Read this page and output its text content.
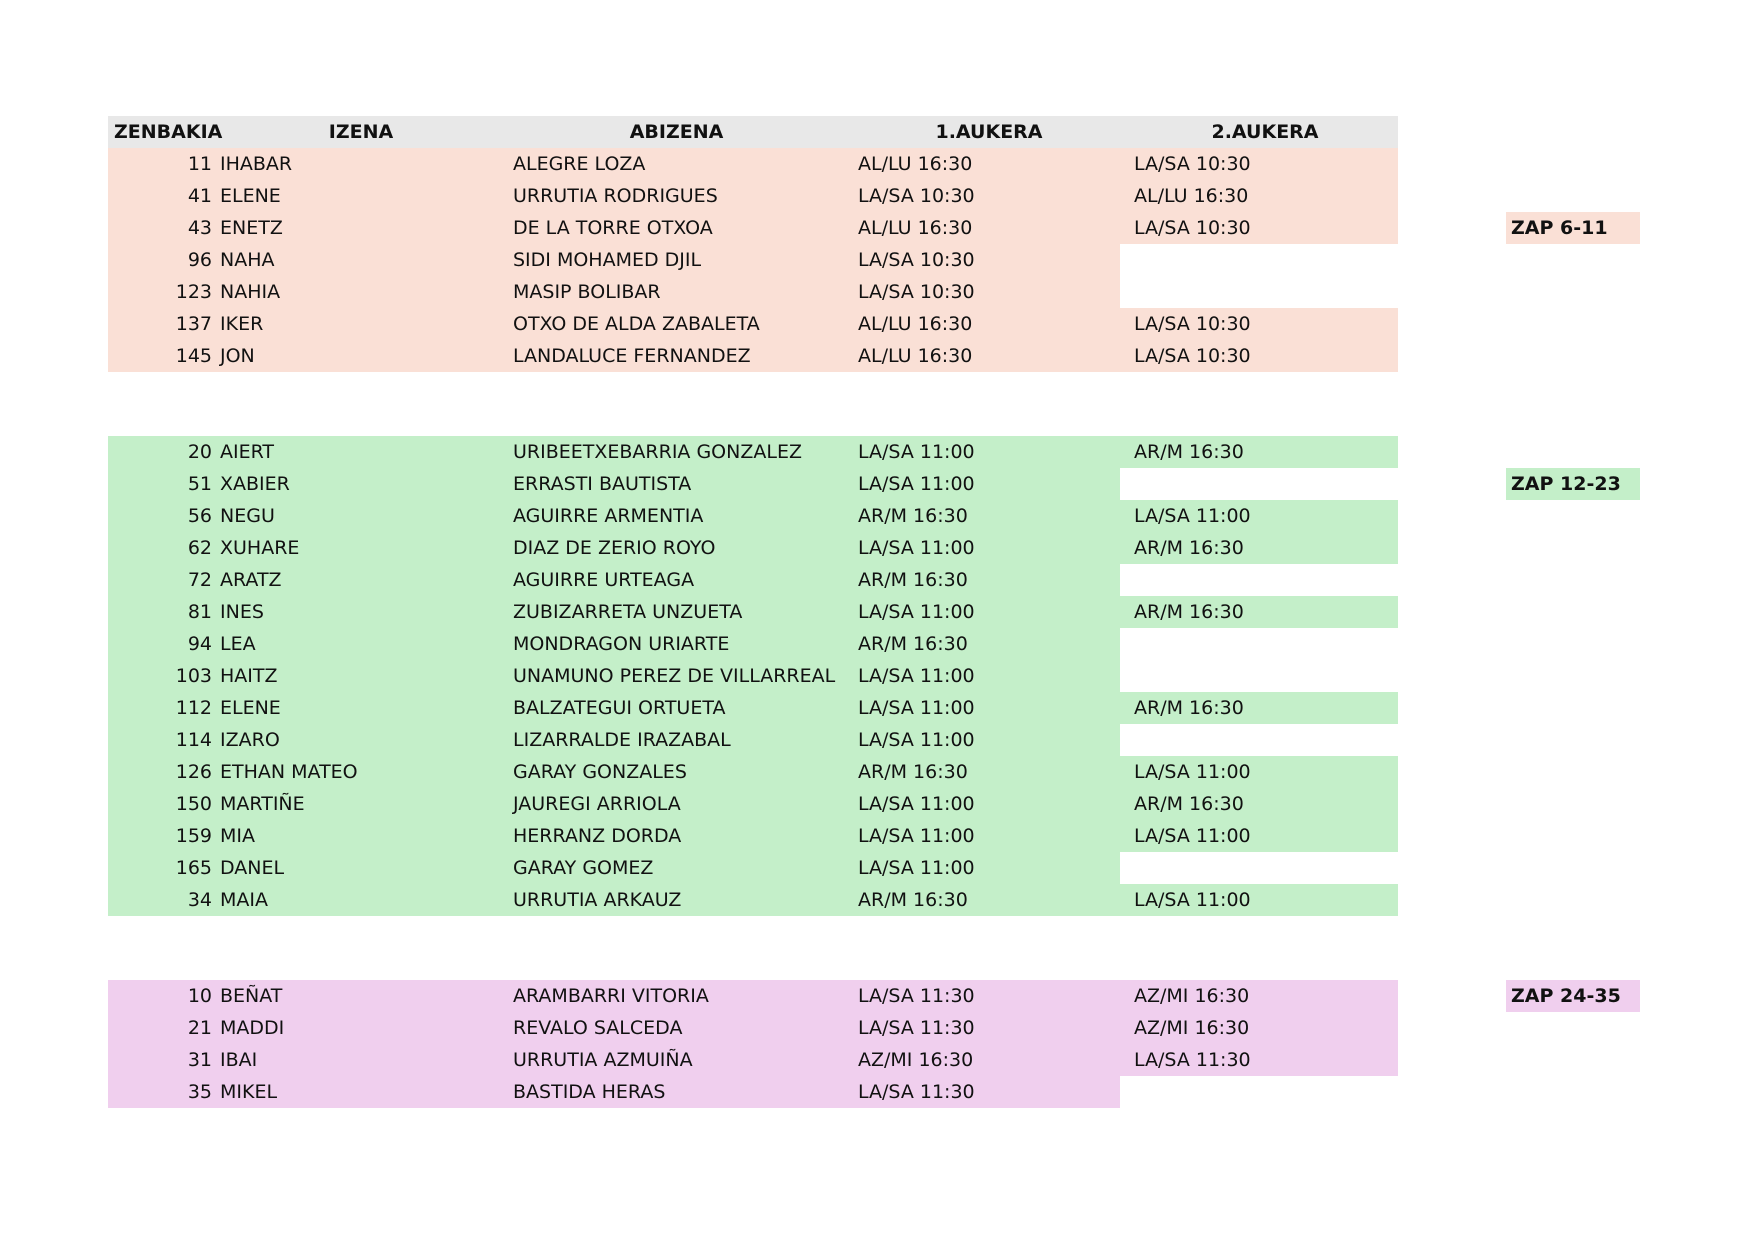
ZENBAKIA	IZENA	ABIZENA	1.AUKERA	2.AUKERA
11 IHABAR	ALEGRE LOZA	AL/LU 16:30	LA/SA 10:30
41 ELENE	URRUTIA RODRIGUES	LA/SA 10:30	AL/LU 16:30
43 ENETZ	DE LA TORRE OTXOA	AL/LU 16:30	LA/SA 10:30
96 NAHA	SIDI MOHAMED DJIL	LA/SA 10:30
123 NAHIA	MASIP BOLIBAR	LA/SA 10:30
137 IKER	OTXO DE ALDA ZABALETA	AL/LU 16:30	LA/SA 10:30
145 JON	LANDALUCE FERNANDEZ	AL/LU 16:30	LA/SA 10:30
ZAP 6-11
20 AIERT	URIBEETXEBARRIA GONZALEZ	LA/SA 11:00	AR/M 16:30
51 XABIER	ERRASTI BAUTISTA	LA/SA 11:00
56 NEGU	AGUIRRE ARMENTIA	AR/M 16:30	LA/SA 11:00
62 XUHARE	DIAZ DE ZERIO ROYO	LA/SA 11:00	AR/M 16:30
72 ARATZ	AGUIRRE URTEAGA	AR/M 16:30
81 INES	ZUBIZARRETA UNZUETA	LA/SA 11:00	AR/M 16:30
94 LEA	MONDRAGON URIARTE	AR/M 16:30
103 HAITZ	UNAMUNO PEREZ DE VILLARREAL	LA/SA 11:00
112 ELENE	BALZATEGUI ORTUETA	LA/SA 11:00	AR/M 16:30
114 IZARO	LIZARRALDE IRAZABAL	LA/SA 11:00
126 ETHAN MATEO	GARAY GONZALES	AR/M 16:30	LA/SA 11:00
150 MARTIÑE	JAUREGI ARRIOLA	LA/SA 11:00	AR/M 16:30
159 MIA	HERRANZ DORDA	LA/SA 11:00	LA/SA 11:00
165 DANEL	GARAY GOMEZ	LA/SA 11:00
34 MAIA	URRUTIA ARKAUZ	AR/M 16:30	LA/SA 11:00
ZAP 12-23
10 BEÑAT	ARAMBARRI VITORIA	LA/SA 11:30	AZ/MI 16:30
21 MADDI	REVALO SALCEDA	LA/SA 11:30	AZ/MI 16:30
31 IBAI	URRUTIA AZMUIÑA	AZ/MI 16:30	LA/SA 11:30
35 MIKEL	BASTIDA HERAS	LA/SA 11:30
ZAP 24-35
